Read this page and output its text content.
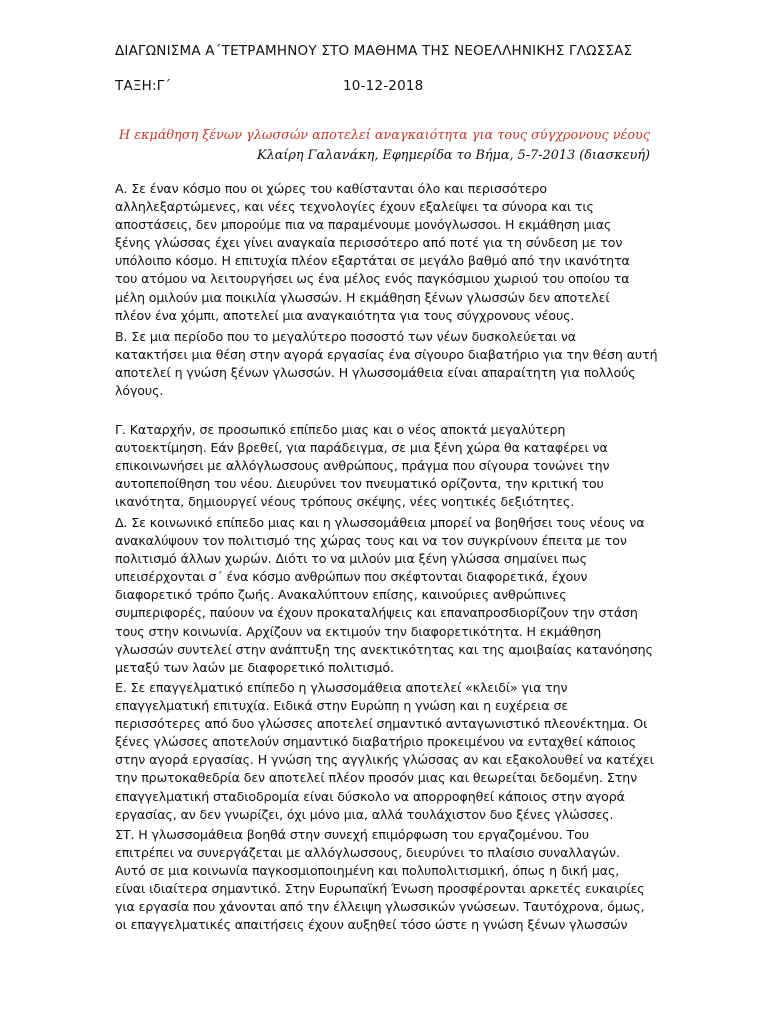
ΔΙΑΓΩΝΙΣΜΑ Α΄ΤΕΤΡΑΜΗΝΟΥ ΣΤΟ ΜΑΘΗΜΑ ΤΗΣ ΝΕΟΕΛΛΗΝΙΚΗΣ ΓΛΩΣΣΑΣ
ΤΑΞΗ:Γ΄	10-12-2018
Η εκμάθηση ξένων γλωσσών αποτελεί αναγκαιότητα για τους σύγχρονους νέους
Κλαίρη Γαλανάκη, Εφημερίδα το Βήμα, 5-7-2013 (διασκευή)
Α. Σε έναν κόσμο που οι χώρες του καθίστανται όλο και περισσότερο
αλληλεξαρτώμενες, και νέες τεχνολογίες έχουν εξαλείψει τα σύνορα και τις
αποστάσεις, δεν μπορούμε πια να παραμένουμε μονόγλωσσοι. Η εκμάθηση μιας
ξένης γλώσσας έχει γίνει αναγκαία περισσότερο από ποτέ για τη σύνδεση με τον
υπόλοιπο κόσμο. Η επιτυχία πλέον εξαρτάται σε μεγάλο βαθμό από την ικανότητα
του ατόμου να λειτουργήσει ως ένα μέλος ενός παγκόσμιου χωριού του οποίου τα
μέλη ομιλούν μια ποικιλία γλωσσών. Η εκμάθηση ξένων γλωσσών δεν αποτελεί
πλέον ένα χόμπι, αποτελεί μια αναγκαιότητα για τους σύγχρονους νέους.
Β. Σε μια περίοδο που το μεγαλύτερο ποσοστό των νέων δυσκολεύεται να
κατακτήσει μια θέση στην αγορά εργασίας ένα σίγουρο διαβατήριο για την θέση αυτή
αποτελεί η γνώση ξένων γλωσσών. Η γλωσσομάθεια είναι απαραίτητη για πολλούς
λόγους.
Γ. Καταρχήν, σε προσωπικό επίπεδο μιας και ο νέος αποκτά μεγαλύτερη
αυτοεκτίμηση. Εάν βρεθεί, για παράδειγμα, σε μια ξένη χώρα θα καταφέρει να
επικοινωνήσει με αλλόγλωσσους ανθρώπους, πράγμα που σίγουρα τονώνει την
αυτοπεποίθηση του νέου. Διευρύνει τον πνευματικό ορίζοντα, την κριτική του
ικανότητα, δημιουργεί νέους τρόπους σκέψης, νέες νοητικές δεξιότητες.
Δ. Σε κοινωνικό επίπεδο μιας και η γλωσσομάθεια μπορεί να βοηθήσει τους νέους να
ανακαλύψουν τον πολιτισμό της χώρας τους και να τον συγκρίνουν έπειτα με τον
πολιτισμό άλλων χωρών. Διότι το να μιλούν μια ξένη γλώσσα σημαίνει πως
υπεισέρχονται σ΄ ένα κόσμο ανθρώπων που σκέφτονται διαφορετικά, έχουν
διαφορετικό τρόπο ζωής. Ανακαλύπτουν επίσης, καινούριες ανθρώπινες
συμπεριφορές, παύουν να έχουν προκαταλήψεις και επαναπροσδιορίζουν την στάση
τους στην κοινωνία. Αρχίζουν να εκτιμούν την διαφορετικότητα. Η εκμάθηση
γλωσσών συντελεί στην ανάπτυξη της ανεκτικότητας και της αμοιβαίας κατανόησης
μεταξύ των λαών με διαφορετικό πολιτισμό.
Ε. Σε επαγγελματικό επίπεδο η γλωσσομάθεια αποτελεί «κλειδί» για την
επαγγελματική επιτυχία. Ειδικά στην Ευρώπη η γνώση και η ευχέρεια σε
περισσότερες από δυο γλώσσες αποτελεί σημαντικό ανταγωνιστικό πλεονέκτημα. Οι
ξένες γλώσσες αποτελούν σημαντικό διαβατήριο προκειμένου να ενταχθεί κάποιος
στην αγορά εργασίας. Η γνώση της αγγλικής γλώσσας αν και εξακολουθεί να κατέχει
την πρωτοκαθεδρία δεν αποτελεί πλέον προσόν μιας και θεωρείται δεδομένη. Στην
επαγγελματική σταδιοδρομία είναι δύσκολο να απορροφηθεί κάποιος στην αγορά
εργασίας, αν δεν γνωρίζει, όχι μόνο μια, αλλά τουλάχιστον δυο ξένες γλώσσες.
ΣΤ. Η γλωσσομάθεια βοηθά στην συνεχή επιμόρφωση του εργαζομένου. Του
επιτρέπει να συνεργάζεται με αλλόγλωσσους, διευρύνει το πλαίσιο συναλλαγών.
Αυτό σε μια κοινωνία παγκοσμιοποιημένη και πολυπολιτισμική, όπως η δική μας,
είναι ιδιαίτερα σημαντικό. Στην Ευρωπαϊκή Ένωση προσφέρονται αρκετές ευκαιρίες
για εργασία που χάνονται από την έλλειψη γλωσσικών γνώσεων. Ταυτόχρονα, όμως,
οι επαγγελματικές απαιτήσεις έχουν αυξηθεί τόσο ώστε η γνώση ξένων γλωσσών
